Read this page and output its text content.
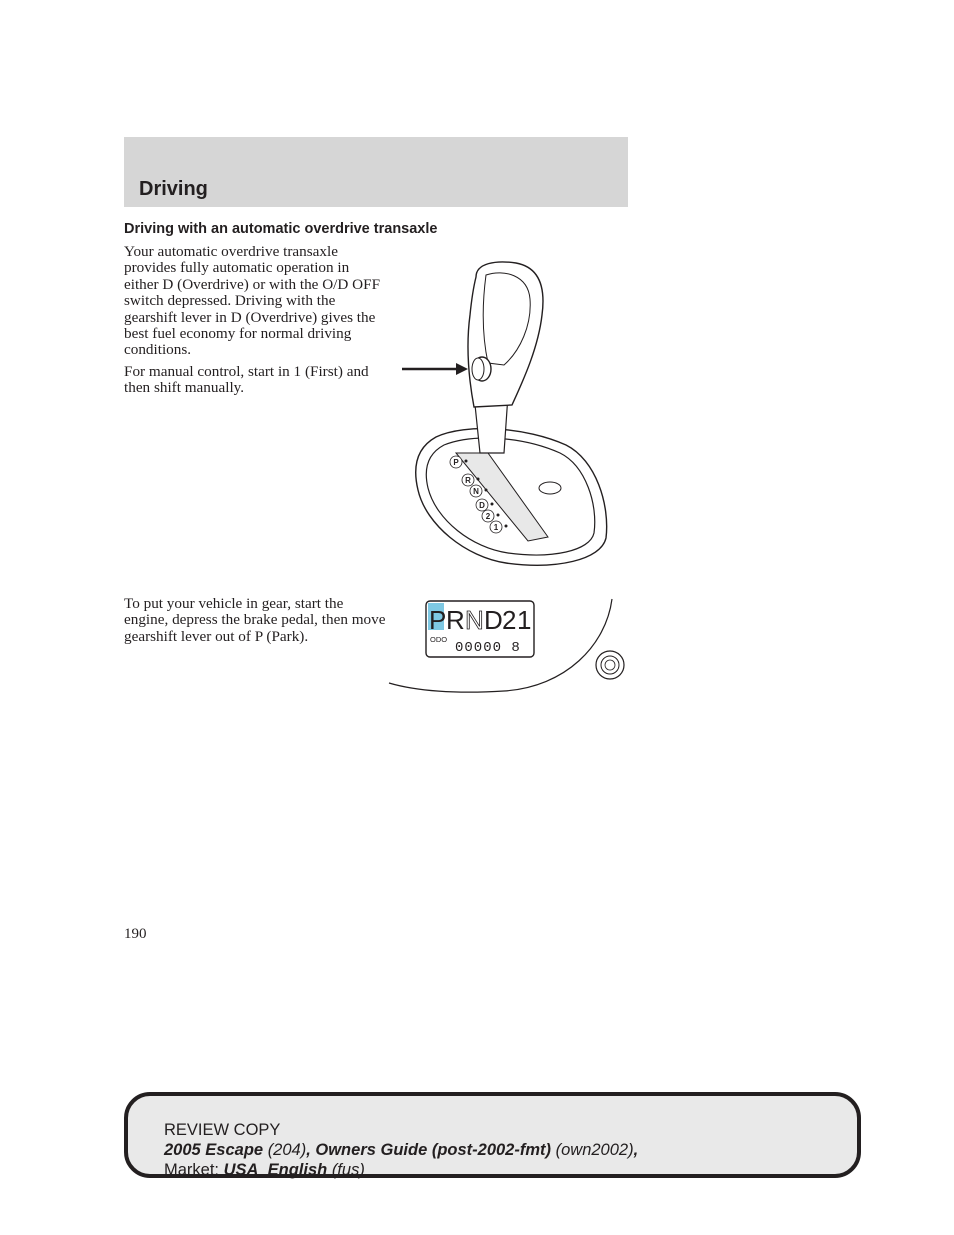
Driving
Driving with an automatic overdrive transaxle

Your automatic overdrive transaxle provides fully automatic operation in either D (Overdrive) or with the O/D OFF switch depressed. Driving with the gearshift lever in D (Overdrive) gives the best fuel economy for normal driving conditions.

For manual control, start in 1 (First) and then shift manually.

To put your vehicle in gear, start the engine, depress the brake pedal, then move gearshift lever out of P (Park).

P
R
N
D
2
1
P R N D 2 1
ODO
00000 8
190
REVIEW COPY
2005 Escape (204), Owners Guide (post-2002-fmt) (own2002),
Market: USA_English (fus)
